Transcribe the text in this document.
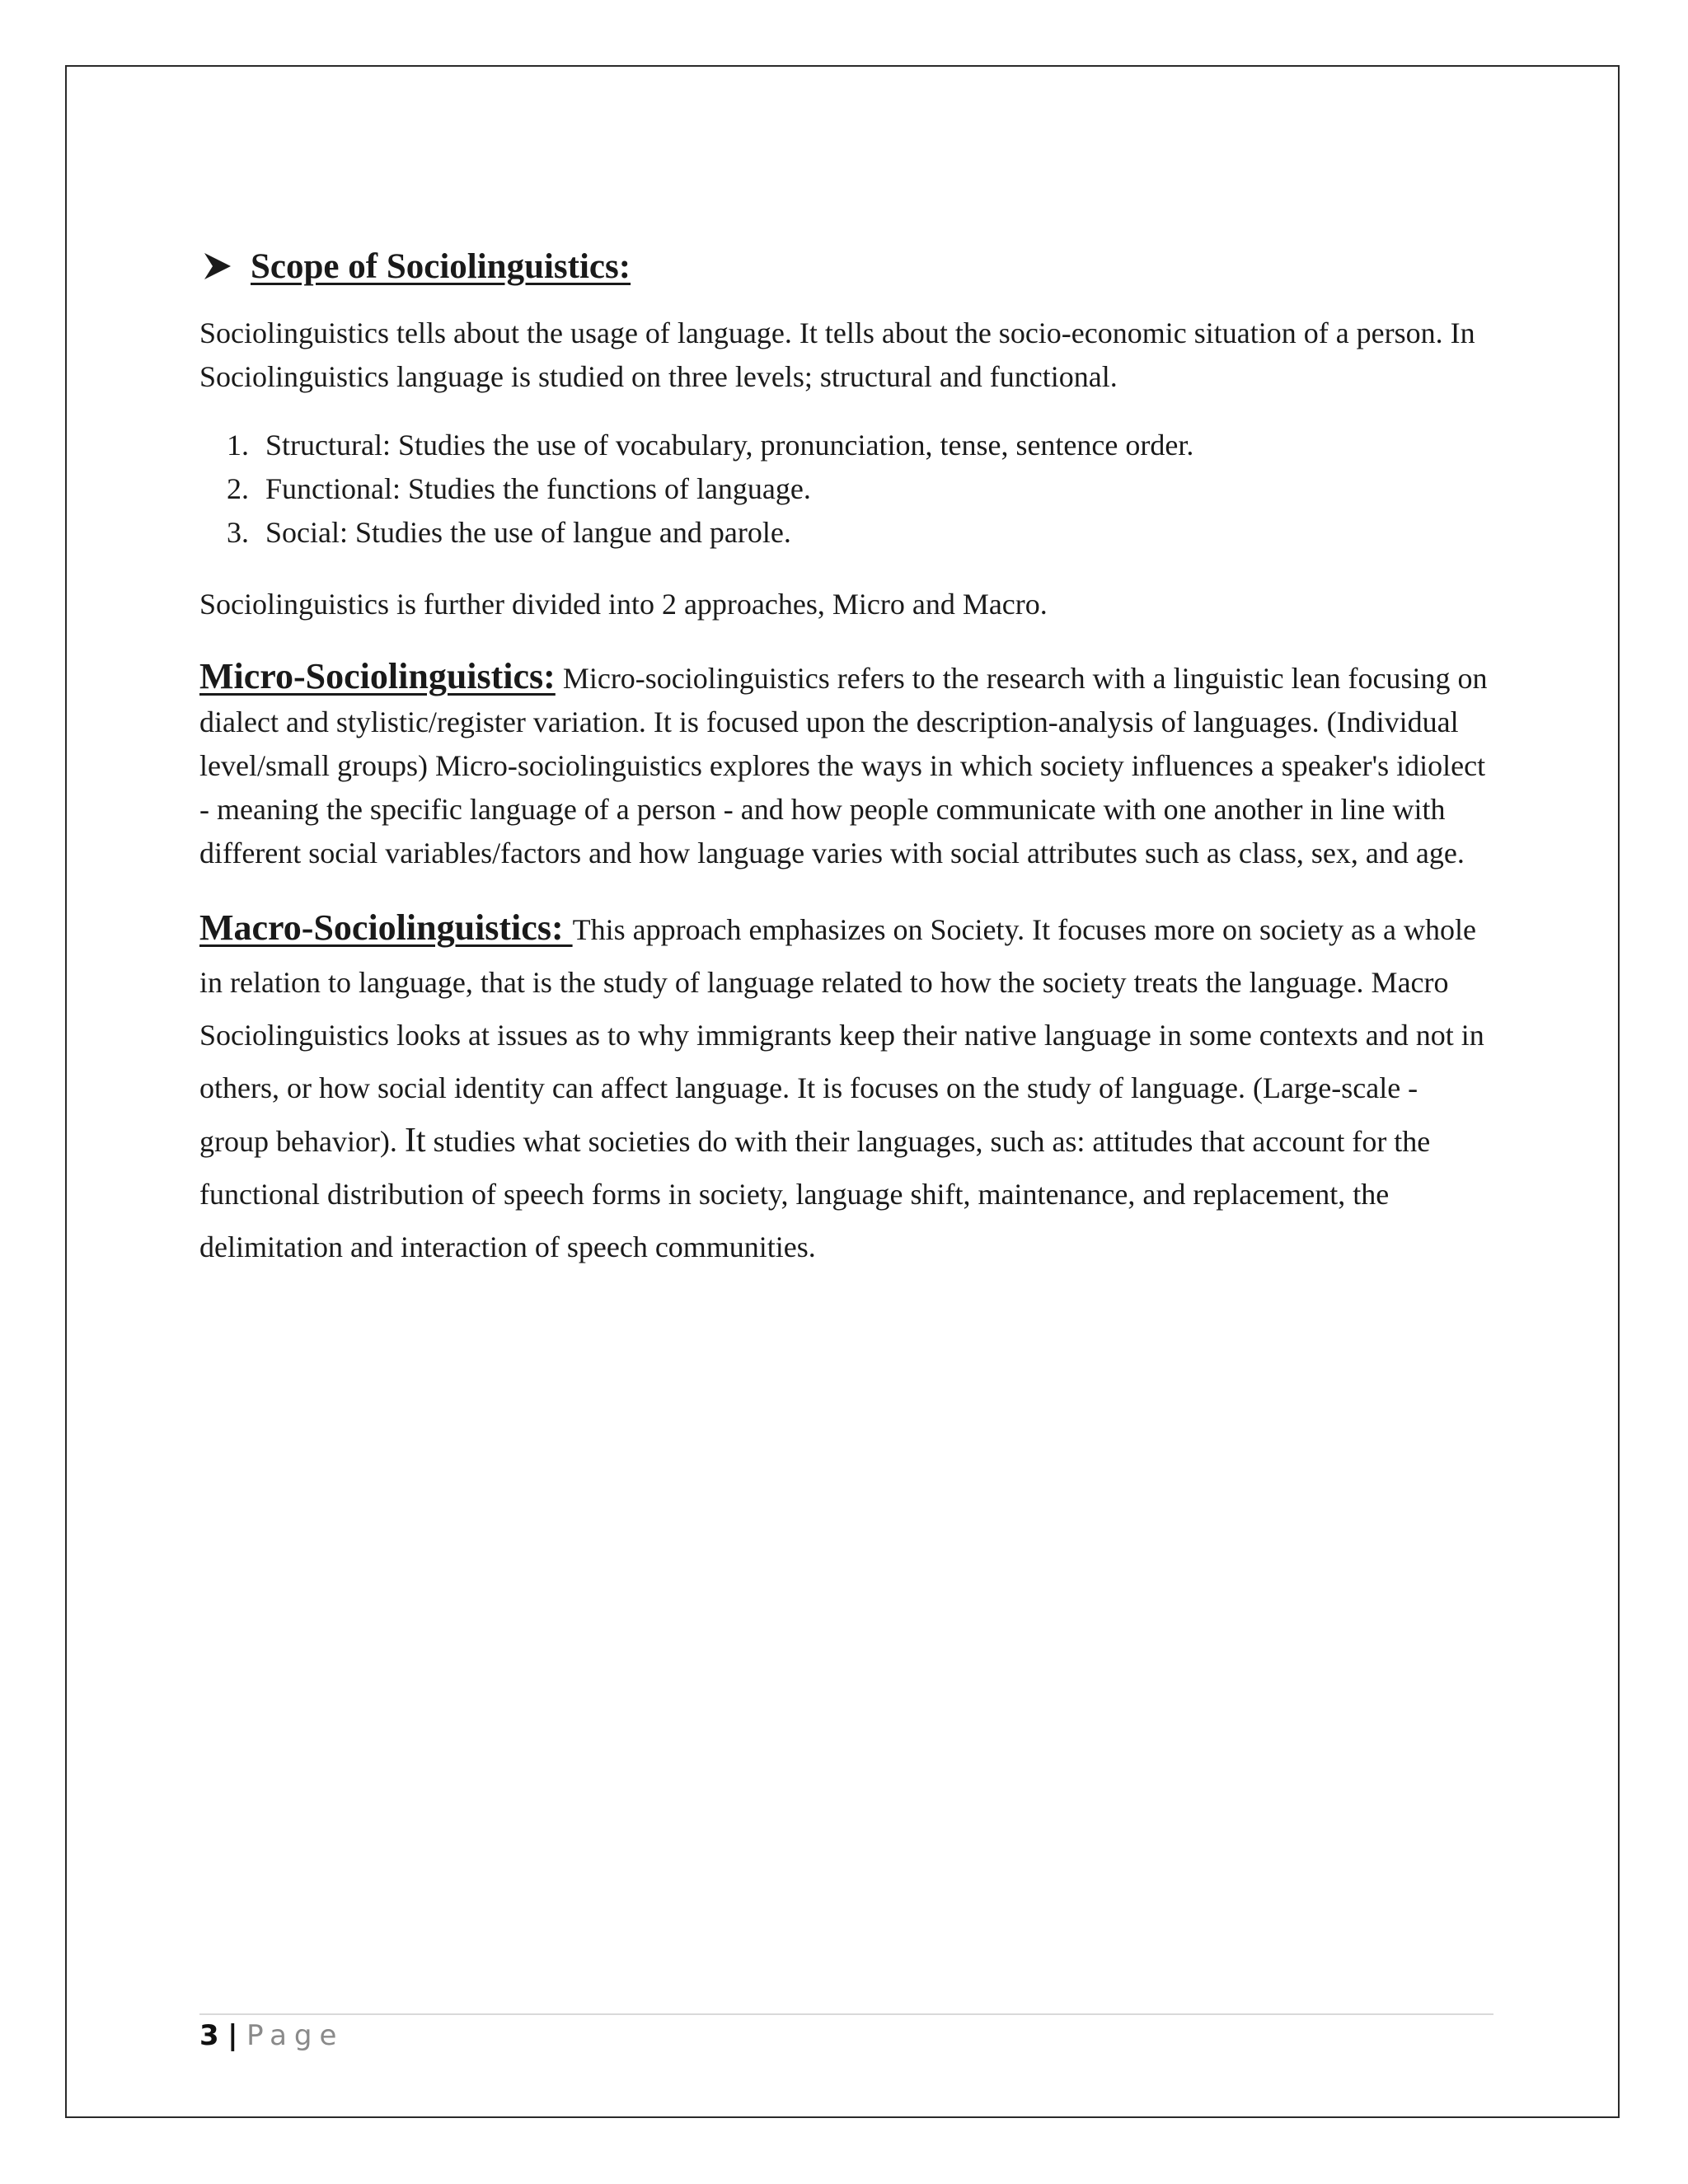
Scope of Sociolinguistics:

Sociolinguistics tells about the usage of language. It tells about the socio-economic situation of a person. In Sociolinguistics language is studied on three levels; structural and functional.

1. Structural: Studies the use of vocabulary, pronunciation, tense, sentence order.
2. Functional: Studies the functions of language.
3. Social: Studies the use of langue and parole.

Sociolinguistics is further divided into 2 approaches, Micro and Macro.

Micro-Sociolinguistics: Micro-sociolinguistics refers to the research with a linguistic lean focusing on dialect and stylistic/register variation. It is focused upon the description-analysis of languages. (Individual level/small groups) Micro-sociolinguistics explores the ways in which society influences a speaker's idiolect - meaning the specific language of a person - and how people communicate with one another in line with different social variables/factors and how language varies with social attributes such as class, sex, and age.

Macro-Sociolinguistics: This approach emphasizes on Society. It focuses more on society as a whole in relation to language, that is the study of language related to how the society treats the language. Macro Sociolinguistics looks at issues as to why immigrants keep their native language in some contexts and not in others, or how social identity can affect language. It is focuses on the study of language. (Large-scale - group behavior). It studies what societies do with their languages, such as: attitudes that account for the functional distribution of speech forms in society, language shift, maintenance, and replacement, the delimitation and interaction of speech communities.

3 | Page
